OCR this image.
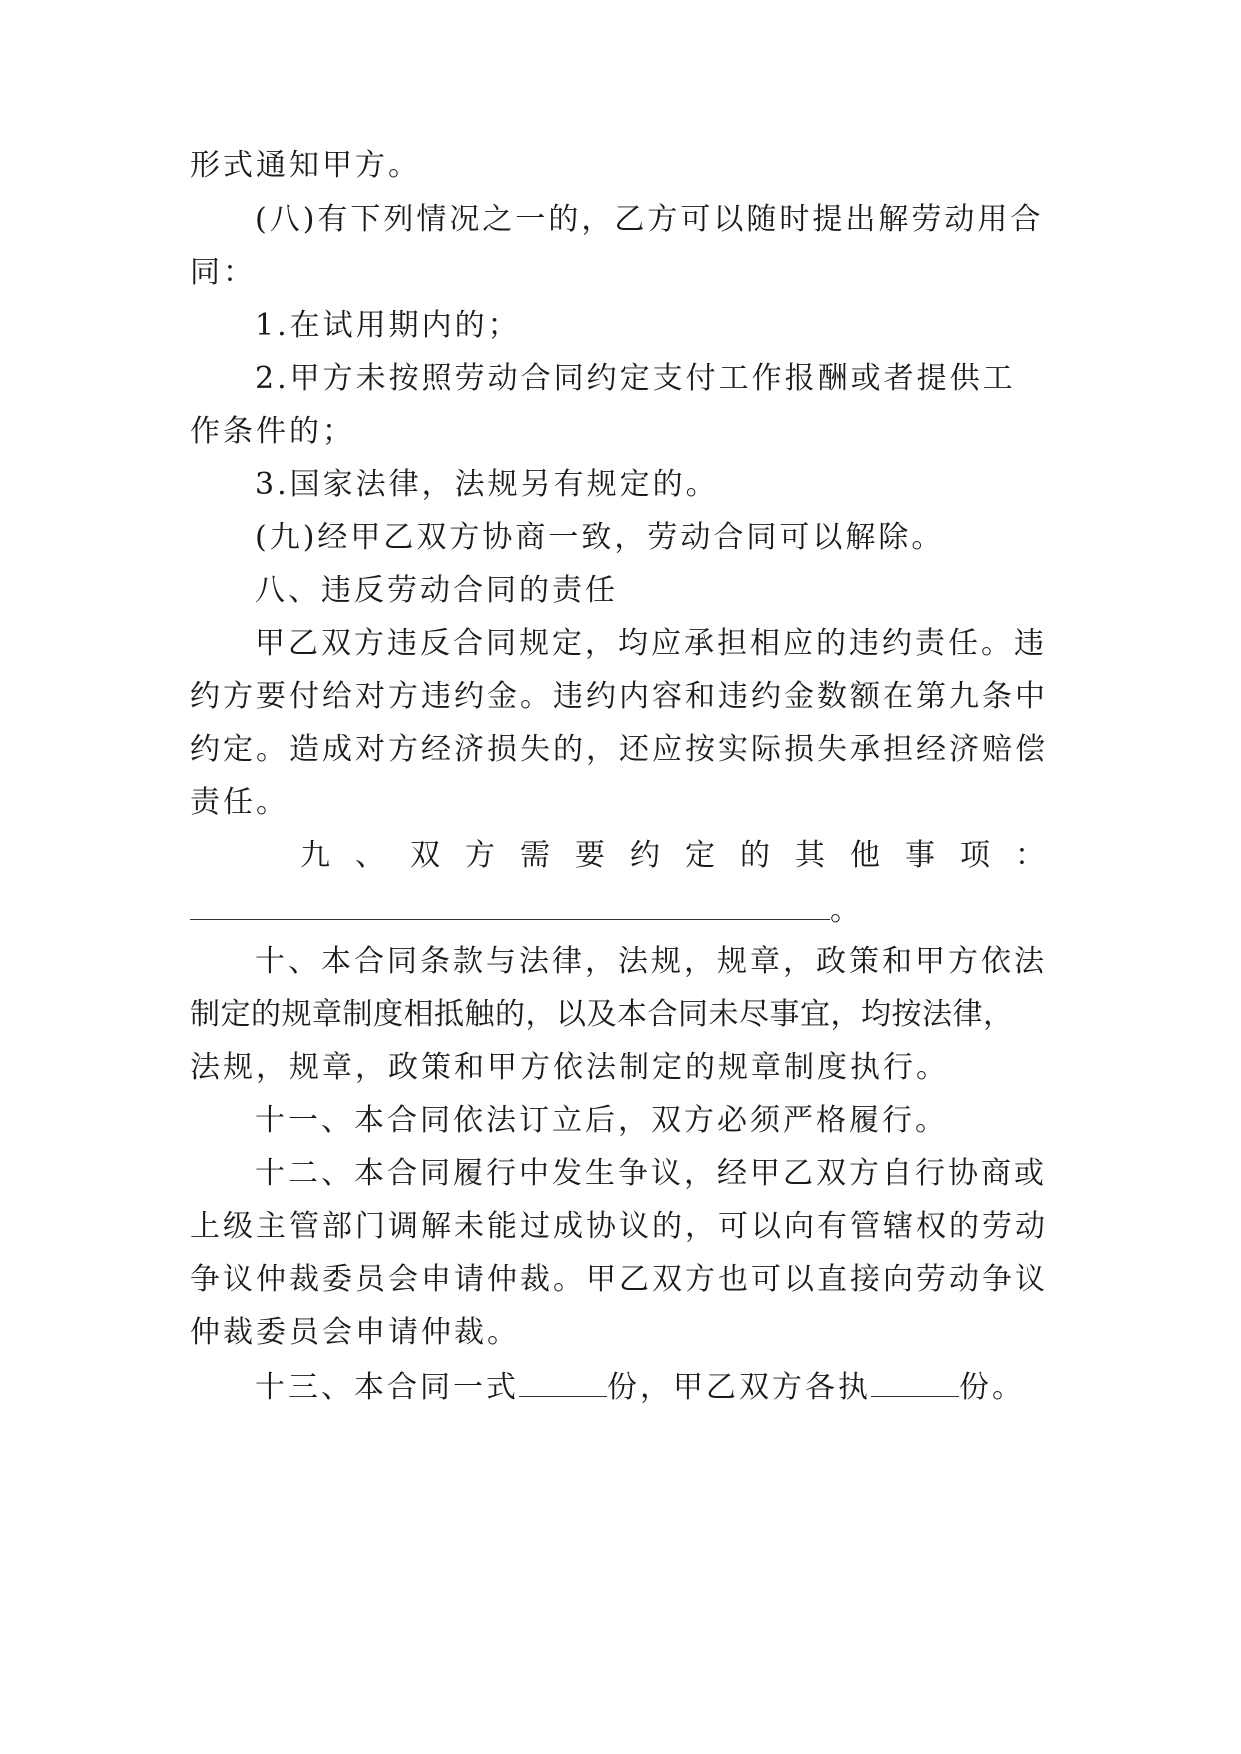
形式通知甲方。
(八)有下列情况之一的，乙方可以随时提出解劳动用合
同：
1.在试用期内的；
2.甲方未按照劳动合同约定支付工作报酬或者提供工
作条件的；
3.国家法律，法规另有规定的。
(九)经甲乙双方协商一致，劳动合同可以解除。
八、违反劳动合同的责任
甲乙双方违反合同规定，均应承担相应的违约责任。违
约方要付给对方违约金。违约内容和违约金数额在第九条中
约定。造成对方经济损失的，还应按实际损失承担经济赔偿
责任。
九 、 双 方 需 要 约 定 的 其 他 事 项 ：
。
十、本合同条款与法律，法规，规章，政策和甲方依法
制定的规章制度相抵触的，以及本合同未尽事宜，均按法律，
法规，规章，政策和甲方依法制定的规章制度执行。
十一、本合同依法订立后，双方必须严格履行。
十二、本合同履行中发生争议，经甲乙双方自行协商或
上级主管部门调解未能过成协议的，可以向有管辖权的劳动
争议仲裁委员会申请仲裁。甲乙双方也可以直接向劳动争议
仲裁委员会申请仲裁。
十三、本合同一式	份，甲乙双方各执	份。
